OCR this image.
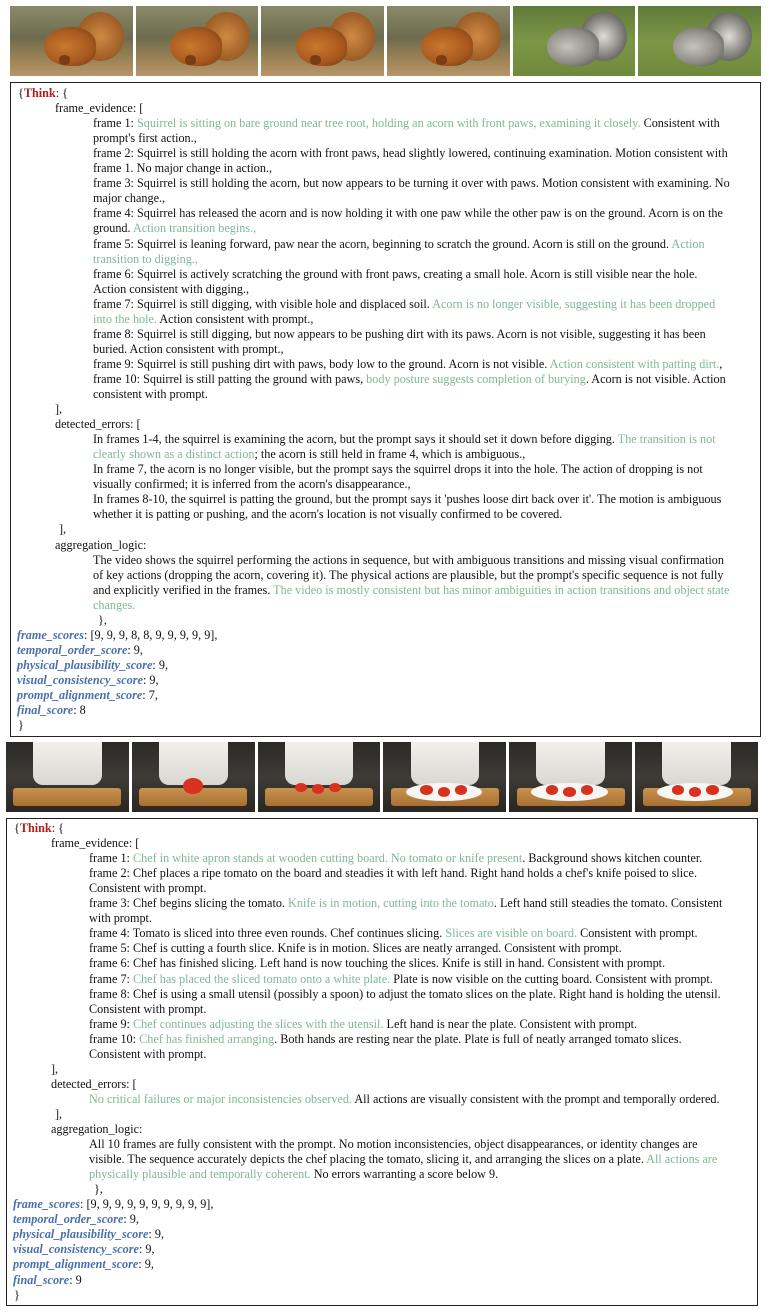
{Think: {
frame_evidence: [
frame 1: Squirrel is sitting on bare ground near tree root, holding an acorn with front paws, examining it closely. Consistent with
prompt's first action.,
frame 2: Squirrel is still holding the acorn with front paws, head slightly lowered, continuing examination. Motion consistent with
frame 1. No major change in action.,
frame 3: Squirrel is still holding the acorn, but now appears to be turning it over with paws. Motion consistent with examining. No
major change.,
frame 4: Squirrel has released the acorn and is now holding it with one paw while the other paw is on the ground. Acorn is on the
ground. Action transition begins.,
frame 5: Squirrel is leaning forward, paw near the acorn, beginning to scratch the ground. Acorn is still on the ground. Action
transition to digging.,
frame 6: Squirrel is actively scratching the ground with front paws, creating a small hole. Acorn is still visible near the hole.
Action consistent with digging.,
frame 7: Squirrel is still digging, with visible hole and displaced soil. Acorn is no longer visible, suggesting it has been dropped
into the hole. Action consistent with prompt.,
frame 8: Squirrel is still digging, but now appears to be pushing dirt with its paws. Acorn is not visible, suggesting it has been
buried. Action consistent with prompt.,
frame 9: Squirrel is still pushing dirt with paws, body low to the ground. Acorn is not visible. Action consistent with patting dirt.,
frame 10: Squirrel is still patting the ground with paws, body posture suggests completion of burying. Acorn is not visible. Action
consistent with prompt.
],
detected_errors: [
In frames 1-4, the squirrel is examining the acorn, but the prompt says it should set it down before digging. The transition is not
clearly shown as a distinct action; the acorn is still held in frame 4, which is ambiguous.,
In frame 7, the acorn is no longer visible, but the prompt says the squirrel drops it into the hole. The action of dropping is not
visually confirmed; it is inferred from the acorn's disappearance.,
In frames 8-10, the squirrel is patting the ground, but the prompt says it 'pushes loose dirt back over it'. The motion is ambiguous
whether it is patting or pushing, and the acorn's location is not visually confirmed to be covered.
],
aggregation_logic:
The video shows the squirrel performing the actions in sequence, but with ambiguous transitions and missing visual confirmation
of key actions (dropping the acorn, covering it). The physical actions are plausible, but the prompt's specific sequence is not fully
and explicitly verified in the frames. The video is mostly consistent but has minor ambiguities in action transitions and object state
changes.
},
frame_scores: [9, 9, 9, 8, 8, 9, 9, 9, 9, 9],
temporal_order_score: 9,
physical_plausibility_score: 9,
visual_consistency_score: 9,
prompt_alignment_score: 7,
final_score: 8
}
{Think: {
frame_evidence: [
frame 1: Chef in white apron stands at wooden cutting board. No tomato or knife present. Background shows kitchen counter.
frame 2: Chef places a ripe tomato on the board and steadies it with left hand. Right hand holds a chef's knife poised to slice.
Consistent with prompt.
frame 3: Chef begins slicing the tomato. Knife is in motion, cutting into the tomato. Left hand still steadies the tomato. Consistent
with prompt.
frame 4: Tomato is sliced into three even rounds. Chef continues slicing. Slices are visible on board. Consistent with prompt.
frame 5: Chef is cutting a fourth slice. Knife is in motion. Slices are neatly arranged. Consistent with prompt.
frame 6: Chef has finished slicing. Left hand is now touching the slices. Knife is still in hand. Consistent with prompt.
frame 7: Chef has placed the sliced tomato onto a white plate. Plate is now visible on the cutting board. Consistent with prompt.
frame 8: Chef is using a small utensil (possibly a spoon) to adjust the tomato slices on the plate. Right hand is holding the utensil.
Consistent with prompt.
frame 9: Chef continues adjusting the slices with the utensil. Left hand is near the plate. Consistent with prompt.
frame 10: Chef has finished arranging. Both hands are resting near the plate. Plate is full of neatly arranged tomato slices.
Consistent with prompt.
],
detected_errors: [
No critical failures or major inconsistencies observed. All actions are visually consistent with the prompt and temporally ordered.
],
aggregation_logic:
All 10 frames are fully consistent with the prompt. No motion inconsistencies, object disappearances, or identity changes are
visible. The sequence accurately depicts the chef placing the tomato, slicing it, and arranging the slices on a plate. All actions are
physically plausible and temporally coherent. No errors warranting a score below 9.
},
frame_scores: [9, 9, 9, 9, 9, 9, 9, 9, 9, 9],
temporal_order_score: 9,
physical_plausibility_score: 9,
visual_consistency_score: 9,
prompt_alignment_score: 9,
final_score: 9
}
